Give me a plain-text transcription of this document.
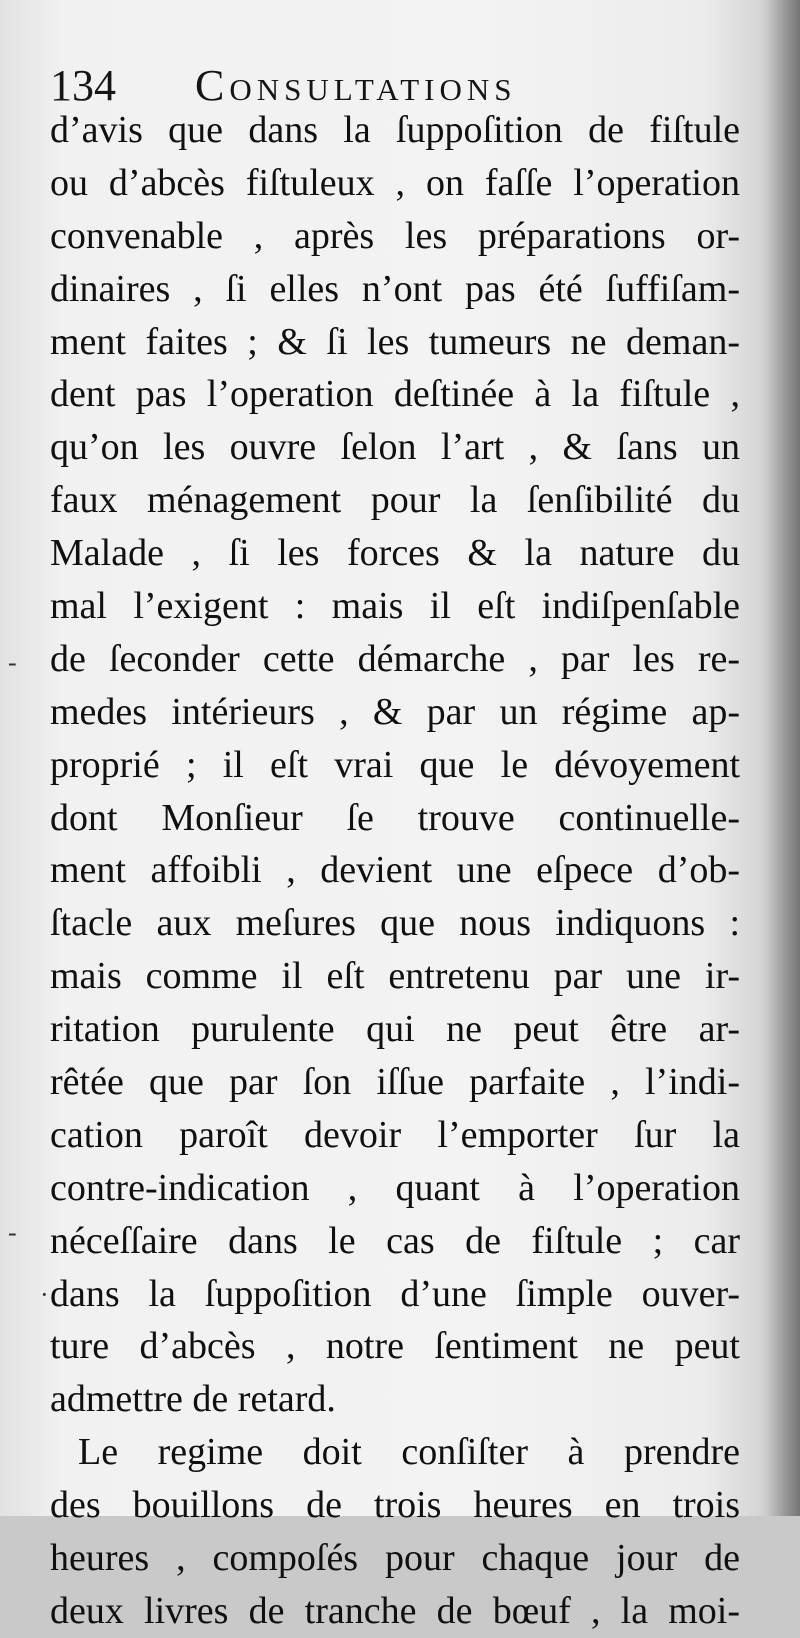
134 Consultations
d’avis que dans la ſuppoſition de fiſtule
ou d’abcès fiſtuleux , on faſſe l’operation
convenable , après les préparations or-
dinaires , ſi elles n’ont pas été ſuffiſam-
ment faites ; & ſi les tumeurs ne deman-
dent pas l’operation deſtinée à la fiſtule ,
qu’on les ouvre ſelon l’art , & ſans un
faux ménagement pour la ſenſibilité du
Malade , ſi les forces & la nature du
mal l’exigent : mais il eſt indiſpenſable
de ſeconder cette démarche , par les re-
medes intérieurs , & par un régime ap-
proprié ; il eſt vrai que le dévoyement
dont Monſieur ſe trouve continuelle-
ment affoibli , devient une eſpece d’ob-
ſtacle aux meſures que nous indiquons :
mais comme il eſt entretenu par une ir-
ritation purulente qui ne peut être ar-
rêtée que par ſon iſſue parfaite , l’indi-
cation paroît devoir l’emporter ſur la
contre-indication , quant à l’operation
néceſſaire dans le cas de fiſtule ; car
dans la ſuppoſition d’une ſimple ouver-
ture d’abcès , notre ſentiment ne peut
admettre de retard.
Le regime doit conſiſter à prendre
des bouillons de trois heures en trois
heures , compoſés pour chaque jour de
deux livres de tranche de bœuf , la moi-
·
-
-
